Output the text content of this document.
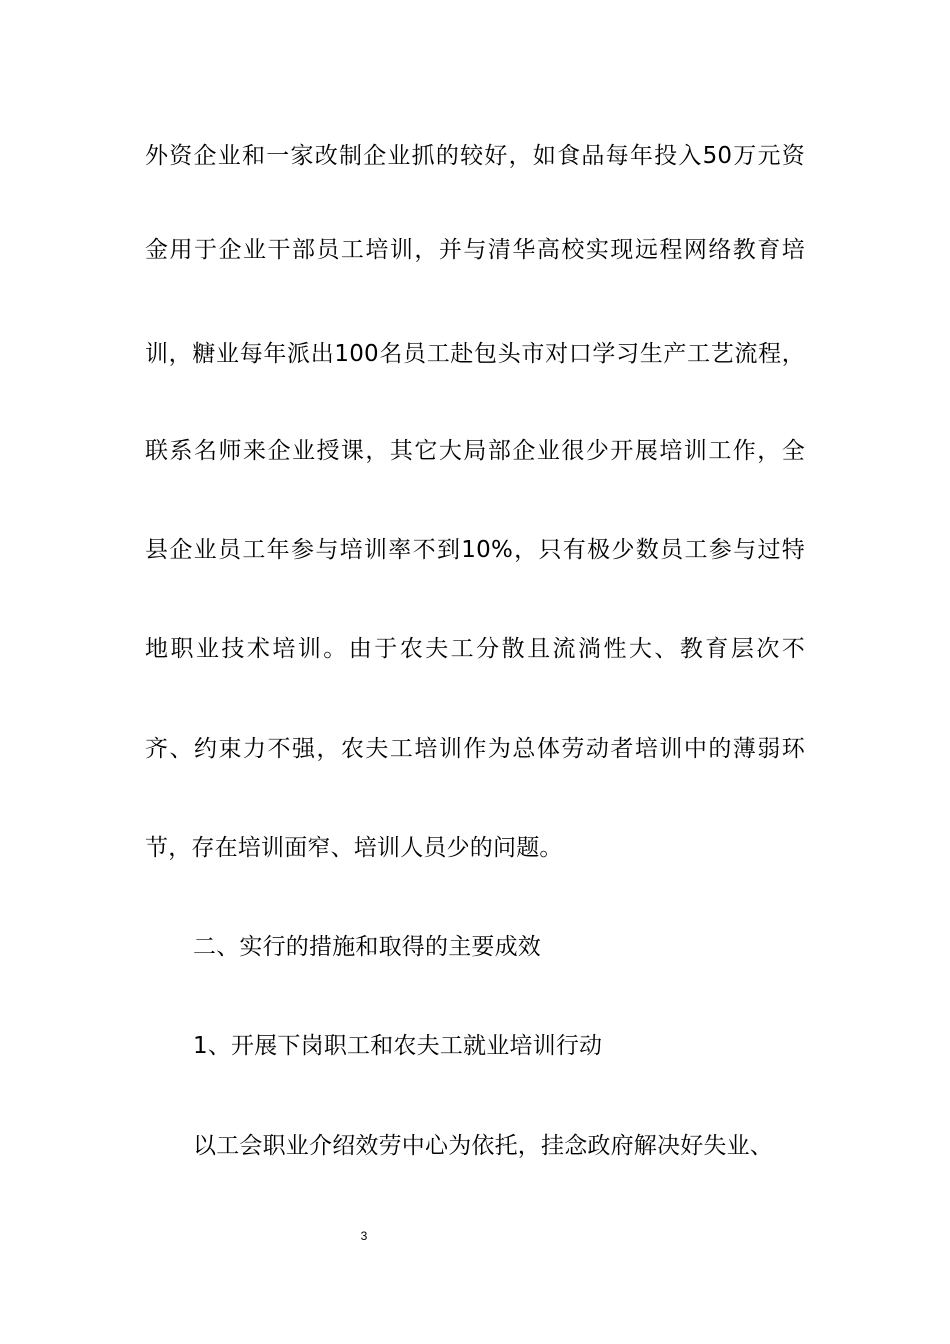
外资企业和一家改制企业抓的较好，如食品每年投入50万元资
金用于企业干部员工培训，并与清华高校实现远程网络教育培
训，糖业每年派出100名员工赴包头市对口学习生产工艺流程，
联系名师来企业授课，其它大局部企业很少开展培训工作，全
县企业员工年参与培训率不到10%，只有极少数员工参与过特
地职业技术培训。由于农夫工分散且流淌性大、教育层次不
齐、约束力不强，农夫工培训作为总体劳动者培训中的薄弱环
节，存在培训面窄、培训人员少的问题。
二、实行的措施和取得的主要成效
1、开展下岗职工和农夫工就业培训行动
以工会职业介绍效劳中心为依托，挂念政府解决好失业、
3
